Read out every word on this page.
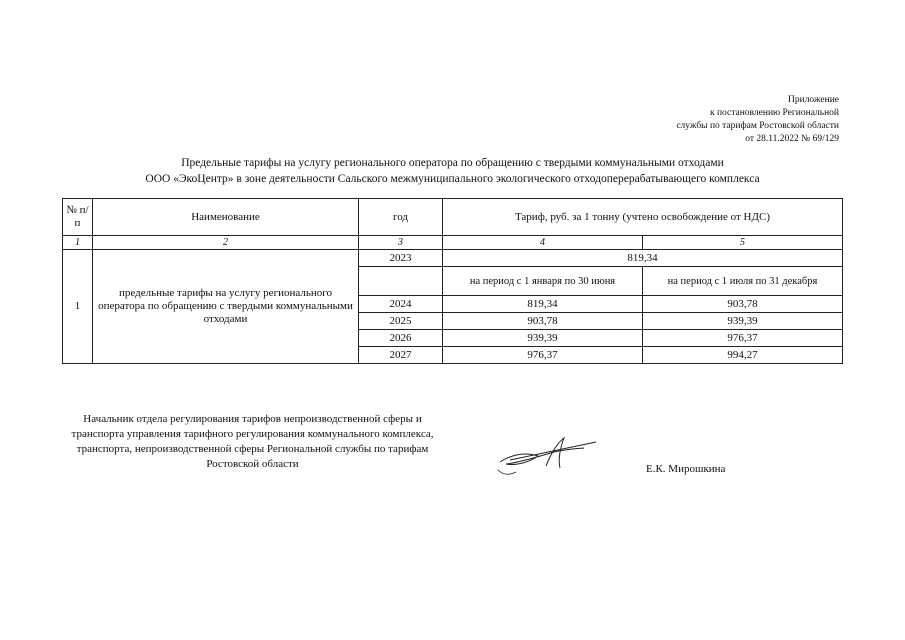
Приложение
к постановлению Региональной
службы по тарифам Ростовской области
от 28.11.2022 № 69/129
Предельные тарифы на услугу регионального оператора по обращению с твердыми коммунальными отходами
ООО «ЭкоЦентр» в зоне деятельности Сальского межмуниципального экологического отходоперерабатывающего комплекса
№ п/п	Наименование	год	Тариф, руб. за 1 тонну (учтено освобождение от НДС)	
1	2	3	4	5
1	предельные тарифы на услугу регионального оператора по обращению с твердыми коммунальными отходами	2023	819,34	
			на период с 1 января по 30 июня	на период с 1 июля по 31 декабря
		2024	819,34	903,78
		2025	903,78	939,39
		2026	939,39	976,37
		2027	976,37	994,27
Начальник отдела регулирования тарифов непроизводственной сферы и транспорта управления тарифного регулирования коммунального комплекса, транспорта, непроизводственной сферы Региональной службы по тарифам Ростовской области	Е.К. Мирошкина
